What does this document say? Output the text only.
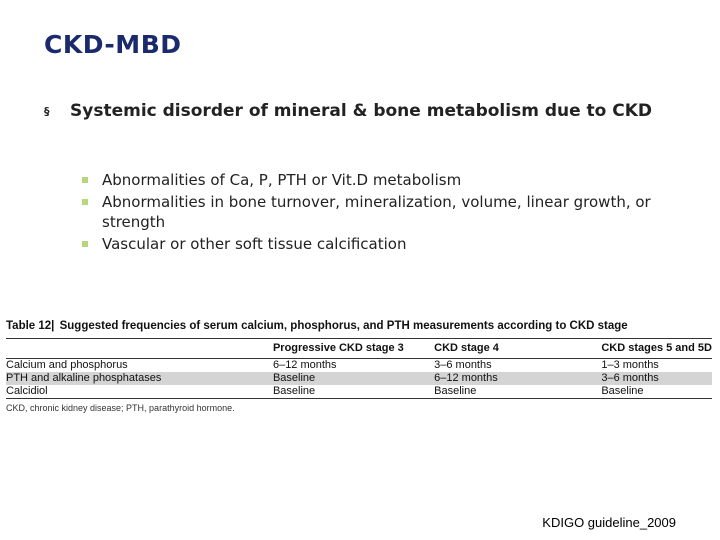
CKD-MBD
§	Systemic disorder of mineral & bone metabolism due to CKD
Abnormalities of Ca, P, PTH or Vit.D metabolism
Abnormalities in bone turnover, mineralization, volume, linear growth, or strength
Vascular or other soft tissue calcification
Table 12| Suggested frequencies of serum calcium, phosphorus, and PTH measurements according to CKD stage
	Progressive CKD stage 3	CKD stage 4	CKD stages 5 and 5D
Calcium and phosphorus	6–12 months	3–6 months	1–3 months
PTH and alkaline phosphatases	Baseline	6–12 months	3–6 months
Calcidiol	Baseline	Baseline	Baseline
CKD, chronic kidney disease; PTH, parathyroid hormone.
KDIGO guideline_2009
